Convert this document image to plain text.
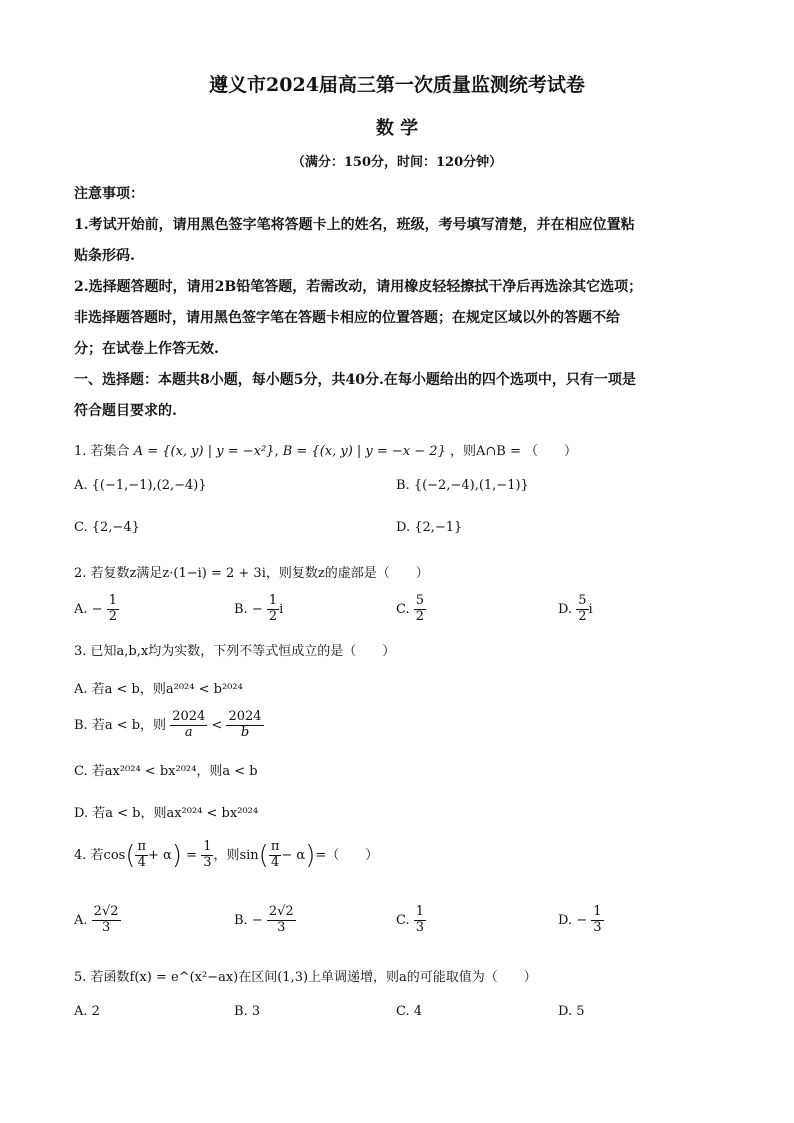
遵义市2024届高三第一次质量监测统考试卷
数 学
（满分：150分，时间：120分钟）
注意事项：
1.考试开始前，请用黑色签字笔将答题卡上的姓名，班级，考号填写清楚，并在相应位置粘
贴条形码.
2.选择题答题时，请用2B铅笔答题，若需改动，请用橡皮轻轻擦拭干净后再选涂其它选项；
非选择题答题时，请用黑色签字笔在答题卡相应的位置答题；在规定区域以外的答题不给
分；在试卷上作答无效.
一、选择题：本题共8小题，每小题5分，共40分.在每小题给出的四个选项中，只有一项是
符合题目要求的.
1. 若集合 A = {(x, y) | y = −x²}, B = {(x, y) | y = −x − 2} ，则A∩B = （　　）
A. {(−1,−1),(2,−4)}	B. {(−2,−4),(1,−1)}
C. {2,−4}	D. {2,−1}
2. 若复数z满足z·(1−i) = 2 + 3i，则复数z的虚部是（　　）
A. − $\frac{1}{2}$	B. − $\frac{1}{2}$ i	C. $\frac{5}{2}$	D. $\frac{5}{2}$ i
3. 已知a,b,x均为实数，下列不等式恒成立的是（　　）
A. 若a < b，则a²⁰²⁴ < b²⁰²⁴
B. 若a < b，则 $\frac{2024}{a} < \frac{2024}{b}$
C. 若ax²⁰²⁴ < bx²⁰²⁴，则a < b
D. 若a < b，则ax²⁰²⁴ < bx²⁰²⁴
4. 若$\cos( \frac{\pi}{4} + \alpha) = \frac{1}{3}$ ，则$\sin( \frac{\pi}{4} - \alpha)=$（　　）
A. $\frac{2√2}{3}$	B. − $\frac{2√2}{3}$	C. $\frac{1}{3}$	D. − $\frac{1}{3}$
5. 若函数f(x) = e^(x²−ax)在区间(1,3)上单调递增，则a的可能取值为（　　）
A. 2	B. 3	C. 4	D. 5
